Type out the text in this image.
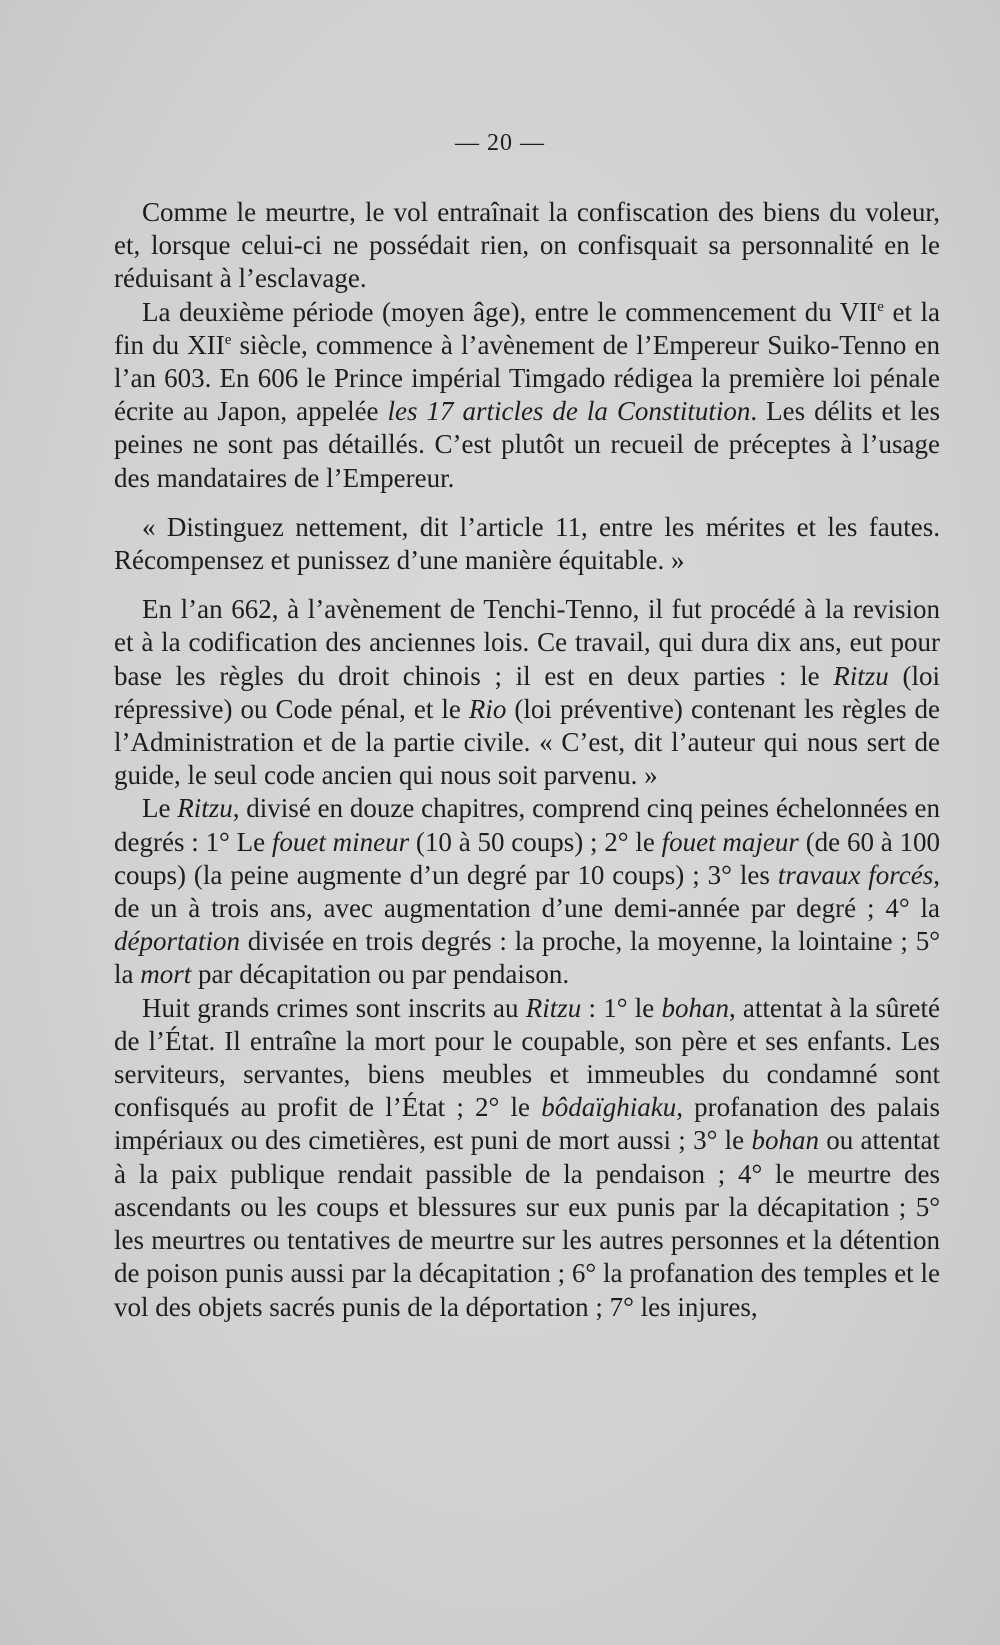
— 20 —

Comme le meurtre, le vol entraînait la confiscation des biens du voleur, et, lorsque celui-ci ne possédait rien, on confisquait sa personnalité en le réduisant à l’esclavage.

La deuxième période (moyen âge), entre le commencement du VIIe et la fin du XIIe siècle, commence à l’avènement de l’Empereur Suiko-Tenno en l’an 603. En 606 le Prince impérial Timgado rédigea la première loi pénale écrite au Japon, appelée les 17 articles de la Constitution. Les délits et les peines ne sont pas détaillés. C’est plutôt un recueil de préceptes à l’usage des mandataires de l’Empereur.

« Distinguez nettement, dit l’article 11, entre les mérites et les fautes. Récompensez et punissez d’une manière équitable. »

En l’an 662, à l’avènement de Tenchi-Tenno, il fut procédé à la revision et à la codification des anciennes lois. Ce travail, qui dura dix ans, eut pour base les règles du droit chinois ; il est en deux parties : le Ritzu (loi répressive) ou Code pénal, et le Rio (loi préventive) contenant les règles de l’Administration et de la partie civile. « C’est, dit l’auteur qui nous sert de guide, le seul code ancien qui nous soit parvenu. »

Le Ritzu, divisé en douze chapitres, comprend cinq peines échelonnées en degrés : 1° Le fouet mineur (10 à 50 coups) ; 2° le fouet majeur (de 60 à 100 coups) (la peine augmente d’un degré par 10 coups) ; 3° les travaux forcés, de un à trois ans, avec augmentation d’une demi-année par degré ; 4° la déportation divisée en trois degrés : la proche, la moyenne, la lointaine ; 5° la mort par décapitation ou par pendaison.

Huit grands crimes sont inscrits au Ritzu : 1° le bohan, attentat à la sûreté de l’État. Il entraîne la mort pour le coupable, son père et ses enfants. Les serviteurs, servantes, biens meubles et immeubles du condamné sont confisqués au profit de l’État ; 2° le bôdaïghiaku, profanation des palais impériaux ou des cimetières, est puni de mort aussi ; 3° le bohan ou attentat à la paix publique rendait passible de la pendaison ; 4° le meurtre des ascendants ou les coups et blessures sur eux punis par la décapitation ; 5° les meurtres ou tentatives de meurtre sur les autres personnes et la détention de poison punis aussi par la décapitation ; 6° la profanation des temples et le vol des objets sacrés punis de la déportation ; 7° les injures,
